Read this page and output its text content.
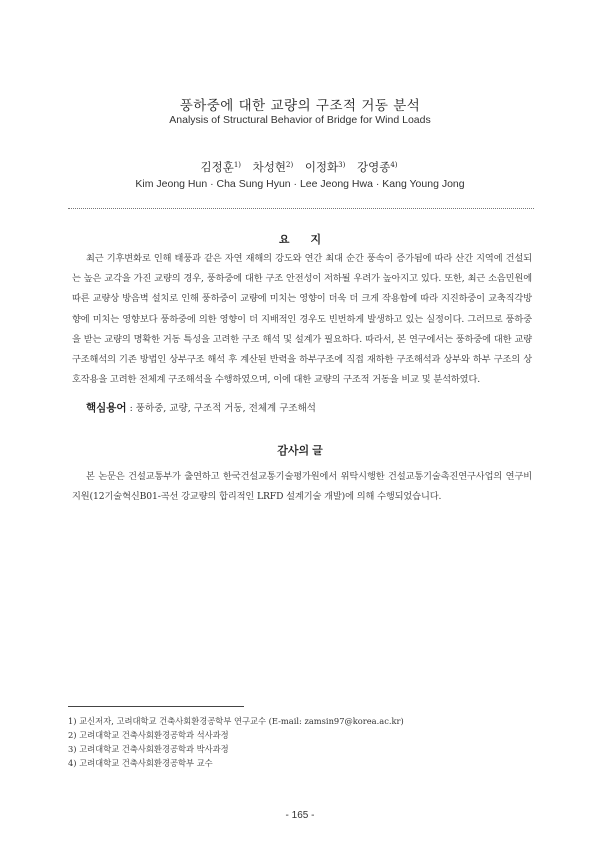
풍하중에 대한 교량의 구조적 거동 분석
Analysis of Structural Behavior of Bridge for Wind Loads
김정훈$^{1)}$ 차성현$^{2)}$ 이정화$^{3)}$ 강영종$^{4)}$
Kim Jeong Hun · Cha Sung Hyun · Lee Jeong Hwa · Kang Young Jong
요 지

최근 기후변화로 인해 태풍과 같은 자연 재해의 강도와 연간 최대 순간 풍속이 증가됨에 따라 산간 지역에 건설되는 높은 교각을 가진 교량의 경우, 풍하중에 대한 구조 안전성이 저하될 우려가 높아지고 있다. 또한, 최근 소음민원에 따른 교량상 방음벽 설치로 인해 풍하중이 교량에 미치는 영향이 더욱 더 크게 작용함에 따라 지진하중이 교축직각방향에 미치는 영향보다 풍하중에 의한 영향이 더 지배적인 경우도 빈번하게 발생하고 있는 실정이다. 그러므로 풍하중을 받는 교량의 명확한 거동 특성을 고려한 구조 해석 및 설계가 필요하다. 따라서, 본 연구에서는 풍하중에 대한 교량 구조해석의 기존 방법인 상부구조 해석 후 계산된 반력을 하부구조에 직접 재하한 구조해석과 상부와 하부 구조의 상호작용을 고려한 전체계 구조해석을 수행하였으며, 이에 대한 교량의 구조적 거동을 비교 및 분석하였다.

핵심용어 : 풍하중, 교량, 구조적 거동, 전체계 구조해석
감사의 글

본 논문은 건설교통부가 출연하고 한국건설교통기술평가원에서 위탁시행한 건설교통기술촉진연구사업의 연구비 지원(12기술혁신B01-곡선 강교량의 합리적인 LRFD 설계기술 개발)에 의해 수행되었습니다.

1) 교신저자, 고려대학교 건축사회환경공학부 연구교수 (E-mail: zamsin97@korea.ac.kr)
2) 고려대학교 건축사회환경공학과 석사과정
3) 고려대학교 건축사회환경공학과 박사과정
4) 고려대학교 건축사회환경공학부 교수
- 165 -
